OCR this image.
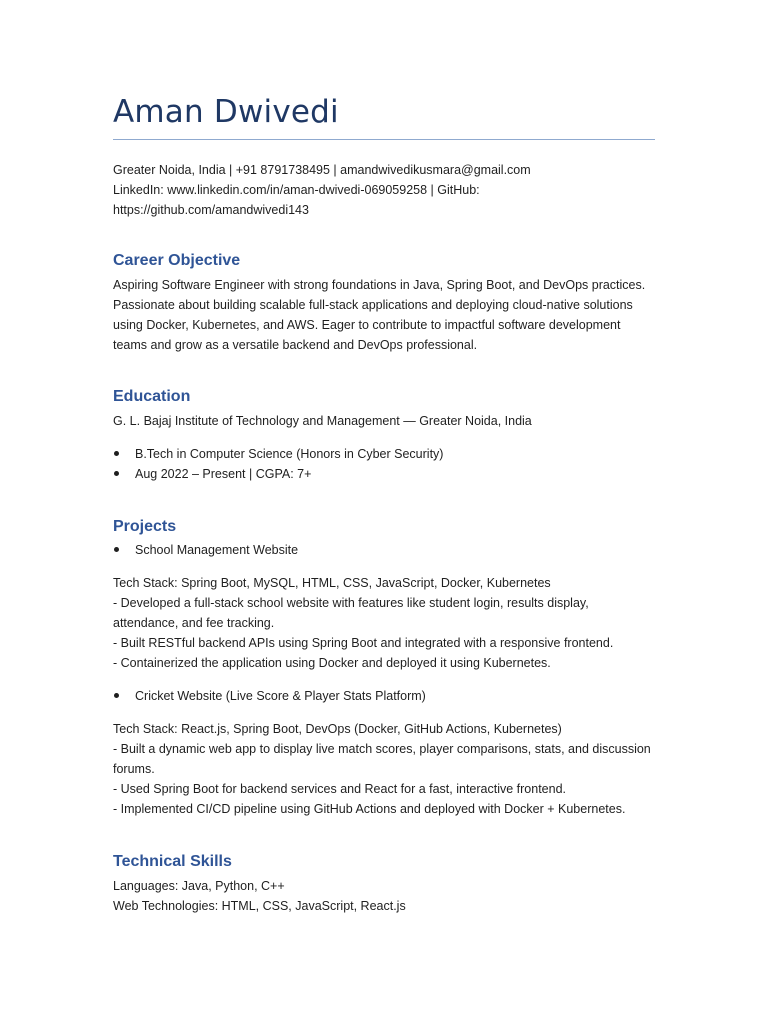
Aman Dwivedi
Greater Noida, India | +91 8791738495 | amandwivedikusmara@gmail.com
LinkedIn: www.linkedin.com/in/aman-dwivedi-069059258 | GitHub:
https://github.com/amandwivedi143
Career Objective
Aspiring Software Engineer with strong foundations in Java, Spring Boot, and DevOps practices.
Passionate about building scalable full-stack applications and deploying cloud-native solutions
using Docker, Kubernetes, and AWS. Eager to contribute to impactful software development
teams and grow as a versatile backend and DevOps professional.
Education
G. L. Bajaj Institute of Technology and Management — Greater Noida, India
B.Tech in Computer Science (Honors in Cyber Security)
Aug 2022 – Present | CGPA: 7+
Projects
School Management Website
Tech Stack: Spring Boot, MySQL, HTML, CSS, JavaScript, Docker, Kubernetes
- Developed a full-stack school website with features like student login, results display,
attendance, and fee tracking.
- Built RESTful backend APIs using Spring Boot and integrated with a responsive frontend.
- Containerized the application using Docker and deployed it using Kubernetes.
Cricket Website (Live Score & Player Stats Platform)
Tech Stack: React.js, Spring Boot, DevOps (Docker, GitHub Actions, Kubernetes)
- Built a dynamic web app to display live match scores, player comparisons, stats, and discussion
forums.
- Used Spring Boot for backend services and React for a fast, interactive frontend.
- Implemented CI/CD pipeline using GitHub Actions and deployed with Docker + Kubernetes.
Technical Skills
Languages: Java, Python, C++
Web Technologies: HTML, CSS, JavaScript, React.js
